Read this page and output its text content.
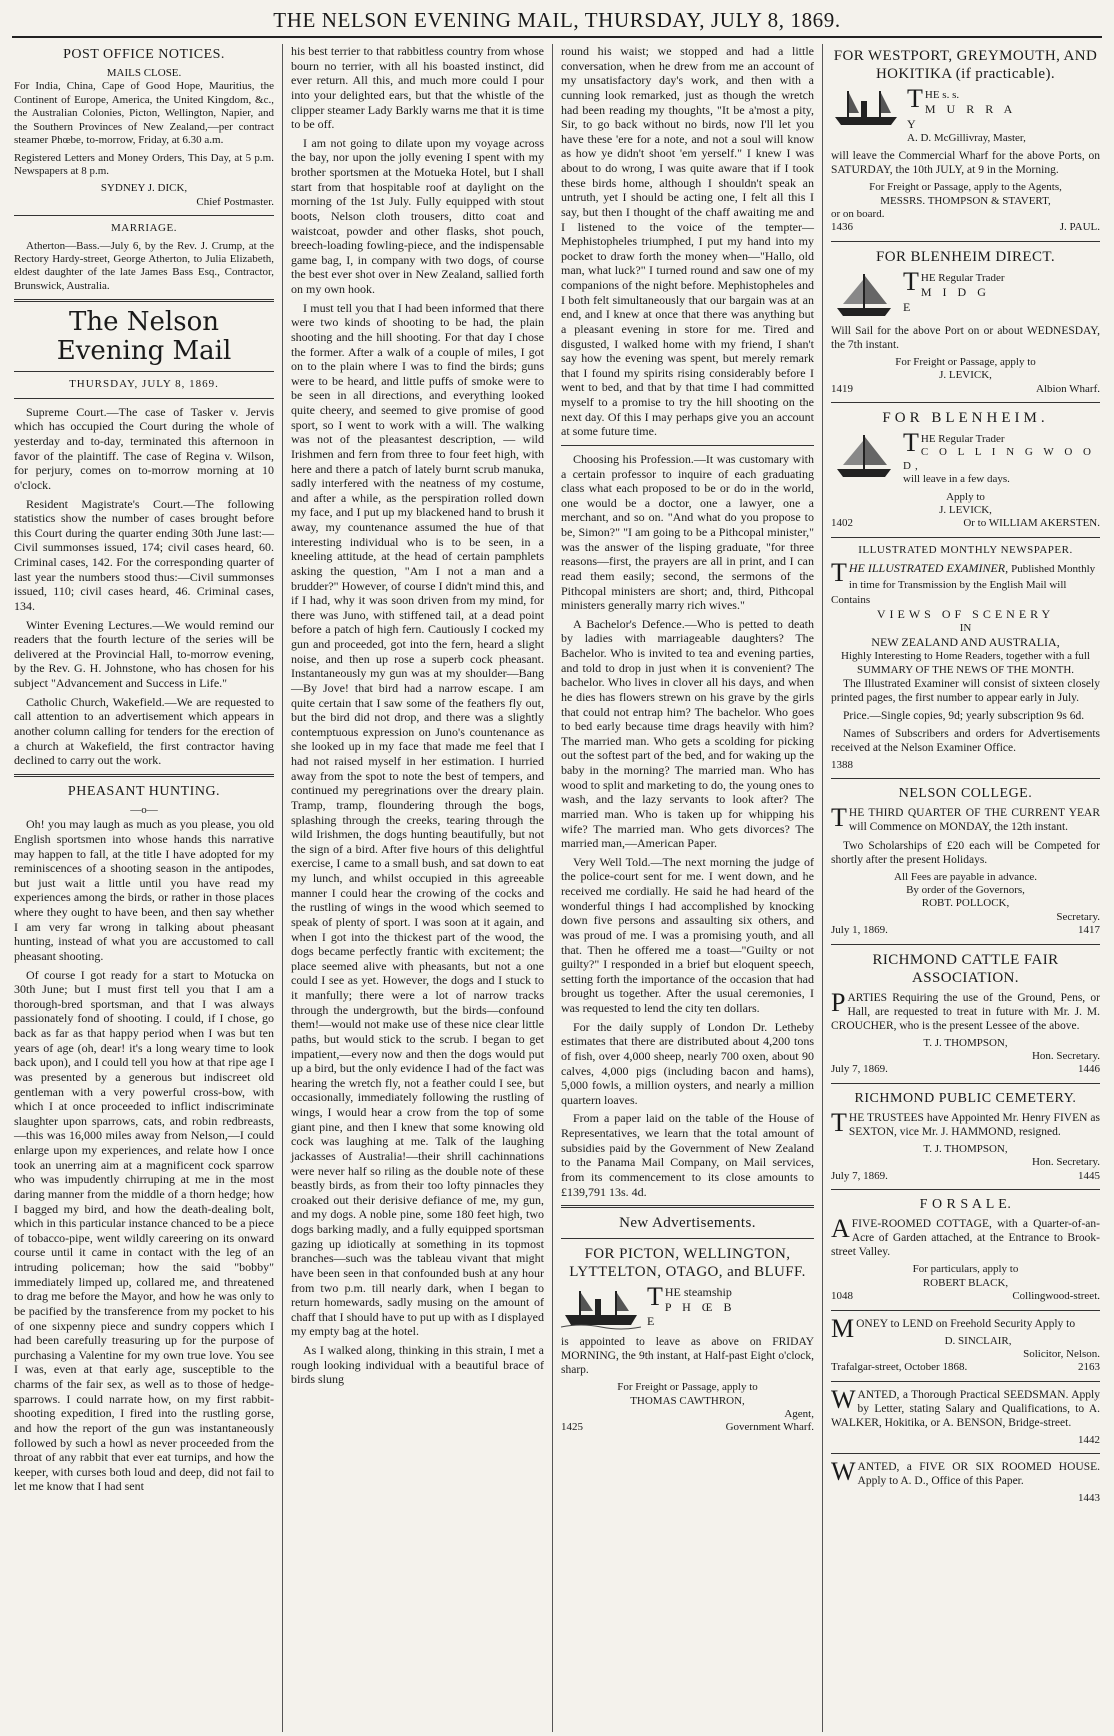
THE NELSON EVENING MAIL, THURSDAY, JULY 8, 1869.
POST OFFICE NOTICES.
MAILS CLOSE.

For India, China, Cape of Good Hope, Mauritius, the Continent of Europe, America, the United Kingdom, &c., the Australian Colonies, Picton, Wellington, Napier, and the Southern Provinces of New Zealand,—per contract steamer Phœbe, to-morrow, Friday, at 6.30 a.m.

Registered Letters and Money Orders, This Day, at 5 p.m. Newspapers at 8 p.m.

SYDNEY J. DICK,
Chief Postmaster.
MARRIAGE.

Atherton—Bass.—July 6, by the Rev. J. Crump, at the Rectory Hardy-street, George Atherton, to Julia Elizabeth, eldest daughter of the late James Bass Esq., Contractor, Brunswick, Australia.

The Nelson Evening Mail
THURSDAY, JULY 8, 1869.

Supreme Court.—The case of Tasker v. Jervis which has occupied the Court during the whole of yesterday and to-day, terminated this afternoon in favor of the plaintiff. The case of Regina v. Wilson, for perjury, comes on to-morrow morning at 10 o'clock.

Resident Magistrate's Court.—The following statistics show the number of cases brought before this Court during the quarter ending 30th June last:—Civil summonses issued, 174; civil cases heard, 60. Criminal cases, 142. For the corresponding quarter of last year the numbers stood thus:—Civil summonses issued, 110; civil cases heard, 46. Criminal cases, 134.

Winter Evening Lectures.—We would remind our readers that the fourth lecture of the series will be delivered at the Provincial Hall, to-morrow evening, by the Rev. G. H. Johnstone, who has chosen for his subject "Advancement and Success in Life."

Catholic Church, Wakefield.—We are requested to call attention to an advertisement which appears in another column calling for tenders for the erection of a church at Wakefield, the first contractor having declined to carry out the work.

PHEASANT HUNTING.
—o—

Oh! you may laugh as much as you please, you old English sportsmen into whose hands this narrative may happen to fall, at the title I have adopted for my reminiscences of a shooting season in the antipodes, but just wait a little until you have read my experiences among the birds, or rather in those places where they ought to have been, and then say whether I am very far wrong in talking about pheasant hunting, instead of what you are accustomed to call pheasant shooting.

Of course I got ready for a start to Motucka on 30th June; but I must first tell you that I am a thorough-bred sportsman, and that I was always passionately fond of shooting. I could, if I chose, go back as far as that happy period when I was but ten years of age (oh, dear! it's a long weary time to look back upon), and I could tell you how at that ripe age I was presented by a generous but indiscreet old gentleman with a very powerful cross-bow, with which I at once proceeded to inflict indiscriminate slaughter upon sparrows, cats, and robin redbreasts,—this was 16,000 miles away from Nelson,—I could enlarge upon my experiences, and relate how I once took an unerring aim at a magnificent cock sparrow who was impudently chirruping at me in the most daring manner from the middle of a thorn hedge; how I bagged my bird, and how the death-dealing bolt, which in this particular instance chanced to be a piece of tobacco-pipe, went wildly careering on its onward course until it came in contact with the leg of an intruding policeman; how the said "bobby" immediately limped up, collared me, and threatened to drag me before the Mayor, and how he was only to be pacified by the transference from my pocket to his of one sixpenny piece and sundry coppers which I had been carefully treasuring up for the purpose of purchasing a Valentine for my own true love. You see I was, even at that early age, susceptible to the charms of the fair sex, as well as to those of hedge-sparrows. I could narrate how, on my first rabbit-shooting expedition, I fired into the rustling gorse, and how the report of the gun was instantaneously followed by such a howl as never proceeded from the throat of any rabbit that ever eat turnips, and how the keeper, with curses both loud and deep, did not fail to let me know that I had sent

his best terrier to that rabbitless country from whose bourn no terrier, with all his boasted instinct, did ever return. All this, and much more could I pour into your delighted ears, but that the whistle of the clipper steamer Lady Barkly warns me that it is time to be off.

I am not going to dilate upon my voyage across the bay, nor upon the jolly evening I spent with my brother sportsmen at the Motueka Hotel, but I shall start from that hospitable roof at daylight on the morning of the 1st July. Fully equipped with stout boots, Nelson cloth trousers, ditto coat and waistcoat, powder and other flasks, shot pouch, breech-loading fowling-piece, and the indispensable game bag, I, in company with two dogs, of course the best ever shot over in New Zealand, sallied forth on my own hook.

I must tell you that I had been informed that there were two kinds of shooting to be had, the plain shooting and the hill shooting. For that day I chose the former. After a walk of a couple of miles, I got on to the plain where I was to find the birds; guns were to be heard, and little puffs of smoke were to be seen in all directions, and everything looked quite cheery, and seemed to give promise of good sport, so I went to work with a will. The walking was not of the pleasantest description, — wild Irishmen and fern from three to four feet high, with here and there a patch of lately burnt scrub manuka, sadly interfered with the neatness of my costume, and after a while, as the perspiration rolled down my face, and I put up my blackened hand to brush it away, my countenance assumed the hue of that interesting individual who is to be seen, in a kneeling attitude, at the head of certain pamphlets asking the question, "Am I not a man and a brudder?" However, of course I didn't mind this, and if I had, why it was soon driven from my mind, for there was Juno, with stiffened tail, at a dead point before a patch of high fern. Cautiously I cocked my gun and proceeded, got into the fern, heard a slight noise, and then up rose a superb cock pheasant. Instantaneously my gun was at my shoulder—Bang—By Jove! that bird had a narrow escape. I am quite certain that I saw some of the feathers fly out, but the bird did not drop, and there was a slightly contemptuous expression on Juno's countenance as she looked up in my face that made me feel that I had not raised myself in her estimation. I hurried away from the spot to note the best of tempers, and continued my peregrinations over the dreary plain. Tramp, tramp, floundering through the bogs, splashing through the creeks, tearing through the wild Irishmen, the dogs hunting beautifully, but not the sign of a bird. After five hours of this delightful exercise, I came to a small bush, and sat down to eat my lunch, and whilst occupied in this agreeable manner I could hear the crowing of the cocks and the rustling of wings in the wood which seemed to speak of plenty of sport. I was soon at it again, and when I got into the thickest part of the wood, the dogs became perfectly frantic with excitement; the place seemed alive with pheasants, but not a one could I see as yet. However, the dogs and I stuck to it manfully; there were a lot of narrow tracks through the undergrowth, but the birds—confound them!—would not make use of these nice clear little paths, but would stick to the scrub. I began to get impatient,—every now and then the dogs would put up a bird, but the only evidence I had of the fact was hearing the wretch fly, not a feather could I see, but occasionally, immediately following the rustling of wings, I would hear a crow from the top of some giant pine, and then I knew that some knowing old cock was laughing at me. Talk of the laughing jackasses of Australia!—their shrill cachinnations were never half so riling as the double note of these beastly birds, as from their too lofty pinnacles they croaked out their derisive defiance of me, my gun, and my dogs. A noble pine, some 180 feet high, two dogs barking madly, and a fully equipped sportsman gazing up idiotically at something in its topmost branches—such was the tableau vivant that might have been seen in that confounded bush at any hour from two p.m. till nearly dark, when I began to return homewards, sadly musing on the amount of chaff that I should have to put up with as I displayed my empty bag at the hotel.

As I walked along, thinking in this strain, I met a rough looking individual with a beautiful brace of birds slung

round his waist; we stopped and had a little conversation, when he drew from me an account of my unsatisfactory day's work, and then with a cunning look remarked, just as though the wretch had been reading my thoughts, "It be a'most a pity, Sir, to go back without no birds, now I'll let you have these 'ere for a note, and not a soul will know as how ye didn't shoot 'em yerself." I knew I was about to do wrong, I was quite aware that if I took these birds home, although I shouldn't speak an untruth, yet I should be acting one, I felt all this I say, but then I thought of the chaff awaiting me and I listened to the voice of the tempter—Mephistopheles triumphed, I put my hand into my pocket to draw forth the money when—"Hallo, old man, what luck?" I turned round and saw one of my companions of the night before. Mephistopheles and I both felt simultaneously that our bargain was at an end, and I knew at once that there was anything but a pleasant evening in store for me. Tired and disgusted, I walked home with my friend, I shan't say how the evening was spent, but merely remark that I found my spirits rising considerably before I went to bed, and that by that time I had committed myself to a promise to try the hill shooting on the next day. Of this I may perhaps give you an account at some future time.

Choosing his Profession.—It was customary with a certain professor to inquire of each graduating class what each proposed to be or do in the world, one would be a doctor, one a lawyer, one a merchant, and so on. "And what do you propose to be, Simon?" "I am going to be a Pithcopal minister," was the answer of the lisping graduate, "for three reasons—first, the prayers are all in print, and I can read them easily; second, the sermons of the Pithcopal ministers are short; and, third, Pithcopal ministers generally marry rich wives."

A Bachelor's Defence.—Who is petted to death by ladies with marriageable daughters? The Bachelor. Who is invited to tea and evening parties, and told to drop in just when it is convenient? The bachelor. Who lives in clover all his days, and when he dies has flowers strewn on his grave by the girls that could not entrap him? The bachelor. Who goes to bed early because time drags heavily with him? The married man. Who gets a scolding for picking out the softest part of the bed, and for waking up the baby in the morning? The married man. Who has wood to split and marketing to do, the young ones to wash, and the lazy servants to look after? The married man. Who is taken up for whipping his wife? The married man. Who gets divorces? The married man,—American Paper.

Very Well Told.—The next morning the judge of the police-court sent for me. I went down, and he received me cordially. He said he had heard of the wonderful things I had accomplished by knocking down five persons and assaulting six others, and was proud of me. I was a promising youth, and all that. Then he offered me a toast—"Guilty or not guilty?" I responded in a brief but eloquent speech, setting forth the importance of the occasion that had brought us together. After the usual ceremonies, I was requested to lend the city ten dollars.

For the daily supply of London Dr. Letheby estimates that there are distributed about 4,200 tons of fish, over 4,000 sheep, nearly 700 oxen, about 90 calves, 4,000 pigs (including bacon and hams), 5,000 fowls, a million oysters, and nearly a million quartern loaves.

From a paper laid on the table of the House of Representatives, we learn that the total amount of subsidies paid by the Government of New Zealand to the Panama Mail Company, on Mail services, from its commencement to its close amounts to £139,791 13s. 4d.

New Advertisements.
FOR PICTON, WELLINGTON, LYTTELTON, OTAGO, and BLUFF.
T HE steamship
P H Œ B E

is appointed to leave as above on FRIDAY MORNING, the 9th instant, at Half-past Eight o'clock, sharp.

For Freight or Passage, apply to
THOMAS CAWTHRON,
Agent,
1425	Government Wharf.
FOR WESTPORT, GREYMOUTH, AND HOKITIKA (if practicable).
T HE s. s.
M U R R A Y
A. D. McGillivray, Master,

will leave the Commercial Wharf for the above Ports, on SATURDAY, the 10th JULY, at 9 in the Morning.

For Freight or Passage, apply to the Agents,
MESSRS. THOMPSON & STAVERT,
or on board.
1436	J. PAUL.
FOR BLENHEIM DIRECT.
T HE Regular Trader
M I D G E

Will Sail for the above Port on or about WEDNESDAY, the 7th instant.

For Freight or Passage, apply to
J. LEVICK,
1419	Albion Wharf.
FOR BLENHEIM.
T HE Regular Trader
C O L L I N G W O O D,
will leave in a few days.
Apply to
J. LEVICK,
1402	Or to WILLIAM AKERSTEN.
ILLUSTRATED MONTHLY NEWSPAPER.
T HE ILLUSTRATED EXAMINER, Published Monthly in time for Transmission by the English Mail will Contains
VIEWS OF SCENERY
IN
NEW ZEALAND AND AUSTRALIA,
Highly Interesting to Home Readers, together with a full
SUMMARY OF THE NEWS OF THE MONTH.

The Illustrated Examiner will consist of sixteen closely printed pages, the first number to appear early in July.

Price.—Single copies, 9d; yearly subscription 9s 6d.

Names of Subscribers and orders for Advertisements received at the Nelson Examiner Office.

1388
NELSON COLLEGE.

THE THIRD QUARTER OF THE CURRENT YEAR will Commence on MONDAY, the 12th instant.

Two Scholarships of £20 each will be Competed for shortly after the present Holidays.

All Fees are payable in advance.
By order of the Governors,
ROBT. POLLOCK,
Secretary.
July 1, 1869.	1417
RICHMOND CATTLE FAIR ASSOCIATION.

PARTIES Requiring the use of the Ground, Pens, or Hall, are requested to treat in future with Mr. J. M. CROUCHER, who is the present Lessee of the above.

T. J. THOMPSON,
Hon. Secretary.
July 7, 1869.	1446
RICHMOND PUBLIC CEMETERY.

THE TRUSTEES have Appointed Mr. Henry FIVEN as SEXTON, vice Mr. J. HAMMOND, resigned.

T. J. THOMPSON,
Hon. Secretary.
July 7, 1869.	1445
F O R S A L E.

AFIVE-ROOMED COTTAGE, with a Quarter-of-an-Acre of Garden attached, at the Entrance to Brook-street Valley.

For particulars, apply to
ROBERT BLACK,
1048	Collingwood-street.

MONEY to LEND on Freehold Security Apply to

D. SINCLAIR,
Solicitor, Nelson.
Trafalgar-street, October 1868.	2163

WANTED, a Thorough Practical SEEDSMAN. Apply by Letter, stating Salary and Qualifications, to A. WALKER, Hokitika, or A. BENSON, Bridge-street.

1442

WANTED, a FIVE OR SIX ROOMED HOUSE. Apply to A. D., Office of this Paper.

1443
